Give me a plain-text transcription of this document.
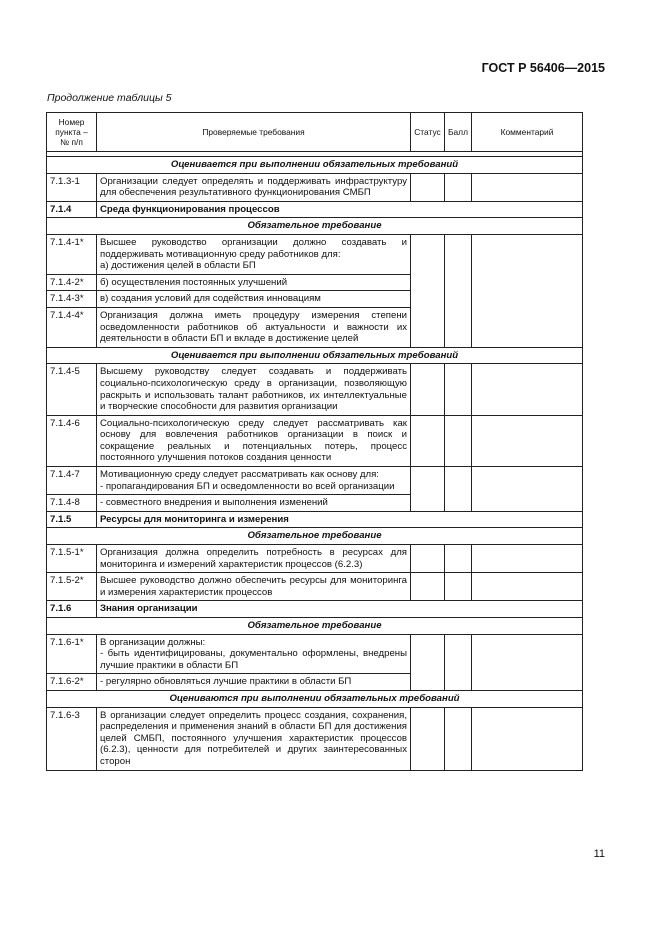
ГОСТ Р 56406—2015
Продолжение таблицы 5
Номер пункта – № п/п	Проверяемые требования	Статус	Балл	Комментарий

Оценивается при выполнении обязательных требований				
7.1.3-1	Организации следует определять и поддерживать инфраструктуру для обеспечения результативного функционирования СМБП			
7.1.4	Среда функционирования процессов			
Обязательное требование				
7.1.4-1*	Высшее руководство организации должно создавать и поддерживать мотивационную среду работников для:
а) достижения целей в области БП			
7.1.4-2*	б) осуществления постоянных улучшений			
7.1.4-3*	в) создания условий для содействия инновациям			
7.1.4-4*	Организация должна иметь процедуру измерения степени осведомленности работников об актуальности и важности их деятельности в области БП и вкладе в достижение целей			
Оценивается при выполнении обязательных требований				
7.1.4-5	Высшему руководству следует создавать и поддерживать социально-психологическую среду в организации, позволяющую раскрыть и использовать талант работников, их интеллектуальные и творческие способности для развития организации			
7.1.4-6	Социально-психологическую среду следует рассматривать как основу для вовлечения работников организации в поиск и сокращение реальных и потенциальных потерь, процесс постоянного улучшения потоков создания ценности			
7.1.4-7	Мотивационную среду следует рассматривать как основу для:
- пропагандирования БП и осведомленности во всей организации			
7.1.4-8	- совместного внедрения и выполнения изменений			
7.1.5	Ресурсы для мониторинга и измерения			
Обязательное требование				
7.1.5-1*	Организация должна определить потребность в ресурсах для мониторинга и измерений характеристик процессов (6.2.3)			
7.1.5-2*	Высшее руководство должно обеспечить ресурсы для мониторинга и измерения характеристик процессов			
7.1.6	Знания организации			
Обязательное требование				
7.1.6-1*	В организации должны:
- быть идентифицированы, документально оформлены, внедрены лучшие практики в области БП			
7.1.6-2*	- регулярно обновляться лучшие практики в области БП			
Оцениваются при выполнении обязательных требований				
7.1.6-3	В организации следует определить процесс создания, сохранения, распределения и применения знаний в области БП для достижения целей СМБП, постоянного улучшения характеристик процессов (6.2.3), ценности для потребителей и других заинтересованных сторон			
11
